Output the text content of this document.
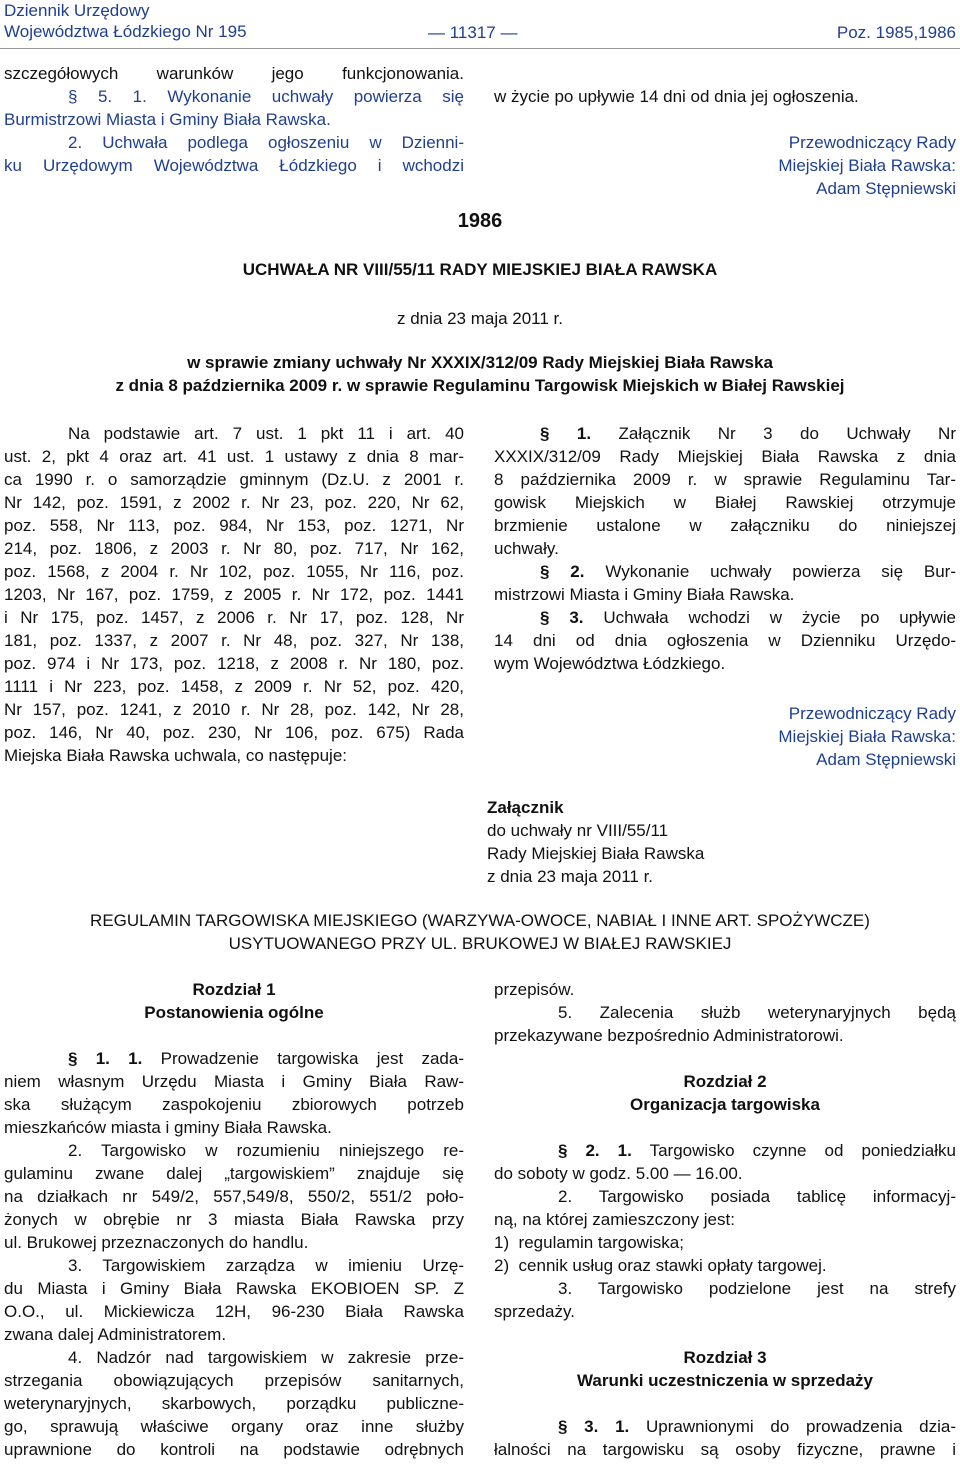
Dziennik Urzędowy
Województwa Łódzkiego Nr 195	— 11317 —	Poz. 1985,1986
szczegółowych warunków jego funkcjonowania.
§ 5. 1. Wykonanie uchwały powierza się
Burmistrzowi Miasta i Gminy Biała Rawska.
2. Uchwała podlega ogłoszeniu w Dzienni-
ku Urzędowym Województwa Łódzkiego i wchodzi
w życie po upływie 14 dni od dnia jej ogłoszenia.
Przewodniczący Rady
Miejskiej Biała Rawska:
Adam Stępniewski
1986
UCHWAŁA NR VIII/55/11 RADY MIEJSKIEJ BIAŁA RAWSKA
z dnia 23 maja 2011 r.
w sprawie zmiany uchwały Nr XXXIX/312/09 Rady Miejskiej Biała Rawska
z dnia 8 października 2009 r. w sprawie Regulaminu Targowisk Miejskich w Białej Rawskiej
Na podstawie art. 7 ust. 1 pkt 11 i art. 40
ust. 2, pkt 4 oraz art. 41 ust. 1 ustawy z dnia 8 mar-
ca 1990 r. o samorządzie gminnym (Dz.U. z 2001 r.
Nr 142, poz. 1591, z 2002 r. Nr 23, poz. 220, Nr 62,
poz. 558, Nr 113, poz. 984, Nr 153, poz. 1271, Nr
214, poz. 1806, z 2003 r. Nr 80, poz. 717, Nr 162,
poz. 1568, z 2004 r. Nr 102, poz. 1055, Nr 116, poz.
1203, Nr 167, poz. 1759, z 2005 r. Nr 172, poz. 1441
i Nr 175, poz. 1457, z 2006 r. Nr 17, poz. 128, Nr
181, poz. 1337, z 2007 r. Nr 48, poz. 327, Nr 138,
poz. 974 i Nr 173, poz. 1218, z 2008 r. Nr 180, poz.
1111 i Nr 223, poz. 1458, z 2009 r. Nr 52, poz. 420,
Nr 157, poz. 1241, z 2010 r. Nr 28, poz. 142, Nr 28,
poz. 146, Nr 40, poz. 230, Nr 106, poz. 675) Rada
Miejska Biała Rawska uchwala, co następuje:
§ 1. Załącznik Nr 3 do Uchwały Nr
XXXIX/312/09 Rady Miejskiej Biała Rawska z dnia
8 października 2009 r. w sprawie Regulaminu Tar-
gowisk Miejskich w Białej Rawskiej otrzymuje
brzmienie ustalone w załączniku do niniejszej
uchwały.
§ 2. Wykonanie uchwały powierza się Bur-
mistrzowi Miasta i Gminy Biała Rawska.
§ 3. Uchwała wchodzi w życie po upływie
14 dni od dnia ogłoszenia w Dzienniku Urzędo-
wym Województwa Łódzkiego.
Przewodniczący Rady
Miejskiej Biała Rawska:
Adam Stępniewski
Załącznik
do uchwały nr VIII/55/11
Rady Miejskiej Biała Rawska
z dnia 23 maja 2011 r.
REGULAMIN TARGOWISKA MIEJSKIEGO (WARZYWA-OWOCE, NABIAŁ I INNE ART. SPOŻYWCZE)
USYTUOWANEGO PRZY UL. BRUKOWEJ W BIAŁEJ RAWSKIEJ
Rozdział 1
Postanowienia ogólne
§ 1. 1. Prowadzenie targowiska jest zada-
niem własnym Urzędu Miasta i Gminy Biała Raw-
ska służącym zaspokojeniu zbiorowych potrzeb
mieszkańców miasta i gminy Biała Rawska.
2. Targowisko w rozumieniu niniejszego re-
gulaminu zwane dalej „targowiskiem” znajduje się
na działkach nr 549/2, 557,549/8, 550/2, 551/2 poło-
żonych w obrębie nr 3 miasta Biała Rawska przy
ul. Brukowej przeznaczonych do handlu.
3. Targowiskiem zarządza w imieniu Urzę-
du Miasta i Gminy Biała Rawska EKOBIOEN SP. Z
O.O., ul. Mickiewicza 12H, 96-230 Biała Rawska
zwana dalej Administratorem.
4. Nadzór nad targowiskiem w zakresie prze-
strzegania obowiązujących przepisów sanitarnych,
weterynaryjnych, skarbowych, porządku publiczne-
go, sprawują właściwe organy oraz inne służby
uprawnione do kontroli na podstawie odrębnych
przepisów.
5. Zalecenia służb weterynaryjnych będą
przekazywane bezpośrednio Administratorowi.
Rozdział 2
Organizacja targowiska
§ 2. 1. Targowisko czynne od poniedziałku
do soboty w godz. 5.00 — 16.00.
2. Targowisko posiada tablicę informacyj-
ną, na której zamieszczony jest:
1)  regulamin targowiska;
2)  cennik usług oraz stawki opłaty targowej.
3. Targowisko podzielone jest na strefy
sprzedaży.
Rozdział 3
Warunki uczestniczenia w sprzedaży
§ 3. 1. Uprawnionymi do prowadzenia dzia-
łalności na targowisku są osoby fizyczne, prawne i
